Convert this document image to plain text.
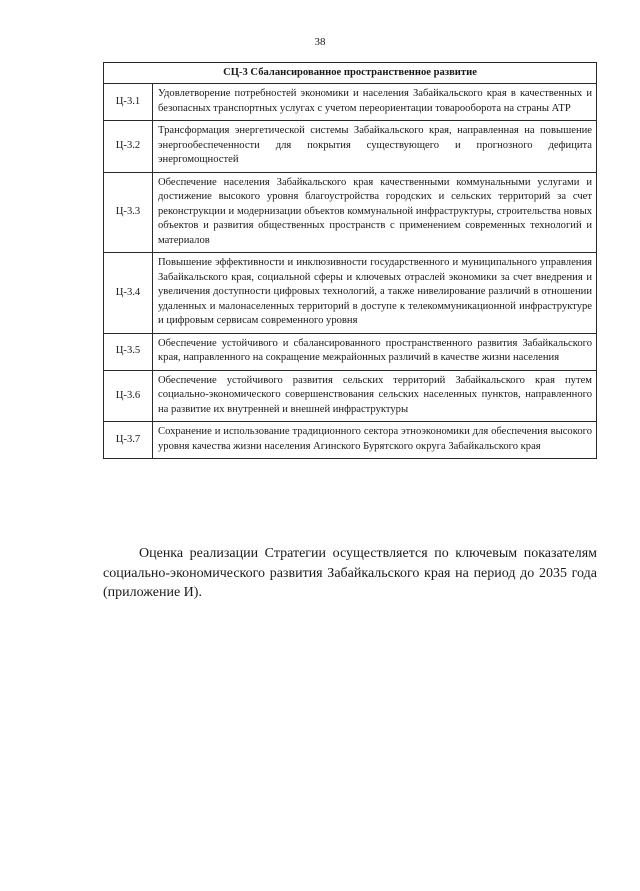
38
СЦ-3 Сбалансированное пространственное развитие	
Ц-3.1	Удовлетворение потребностей экономики и населения Забайкальского края в качественных и безопасных транспортных услугах с учетом переориентации товарооборота на страны АТР
Ц-3.2	Трансформация энергетической системы Забайкальского края, направленная на повышение энергообеспеченности для покрытия существующего и прогнозного дефицита энергомощностей
Ц-3.3	Обеспечение населения Забайкальского края качественными коммунальными услугами и достижение высокого уровня благоустройства городских и сельских территорий за счет реконструкции и модернизации объектов коммунальной инфраструктуры, строительства новых объектов и развития общественных пространств с применением современных технологий и материалов
Ц-3.4	Повышение эффективности и инклюзивности государственного и муниципального управления Забайкальского края, социальной сферы и ключевых отраслей экономики за счет внедрения и увеличения доступности цифровых технологий, а также нивелирование различий в отношении удаленных и малонаселенных территорий в доступе к телекоммуникационной инфраструктуре и цифровым сервисам современного уровня
Ц-3.5	Обеспечение устойчивого и сбалансированного пространственного развития Забайкальского края, направленного на сокращение межрайонных различий в качестве жизни населения
Ц-3.6	Обеспечение устойчивого развития сельских территорий Забайкальского края путем социально-экономического совершенствования сельских населенных пунктов, направленного на развитие их внутренней и внешней инфраструктуры
Ц-3.7	Сохранение и использование традиционного сектора этноэкономики для обеспечения высокого уровня качества жизни населения Агинского Бурятского округа Забайкальского края

Оценка реализации Стратегии осуществляется по ключевым показателям социально-экономического развития Забайкальского края на период до 2035 года (приложение И).
